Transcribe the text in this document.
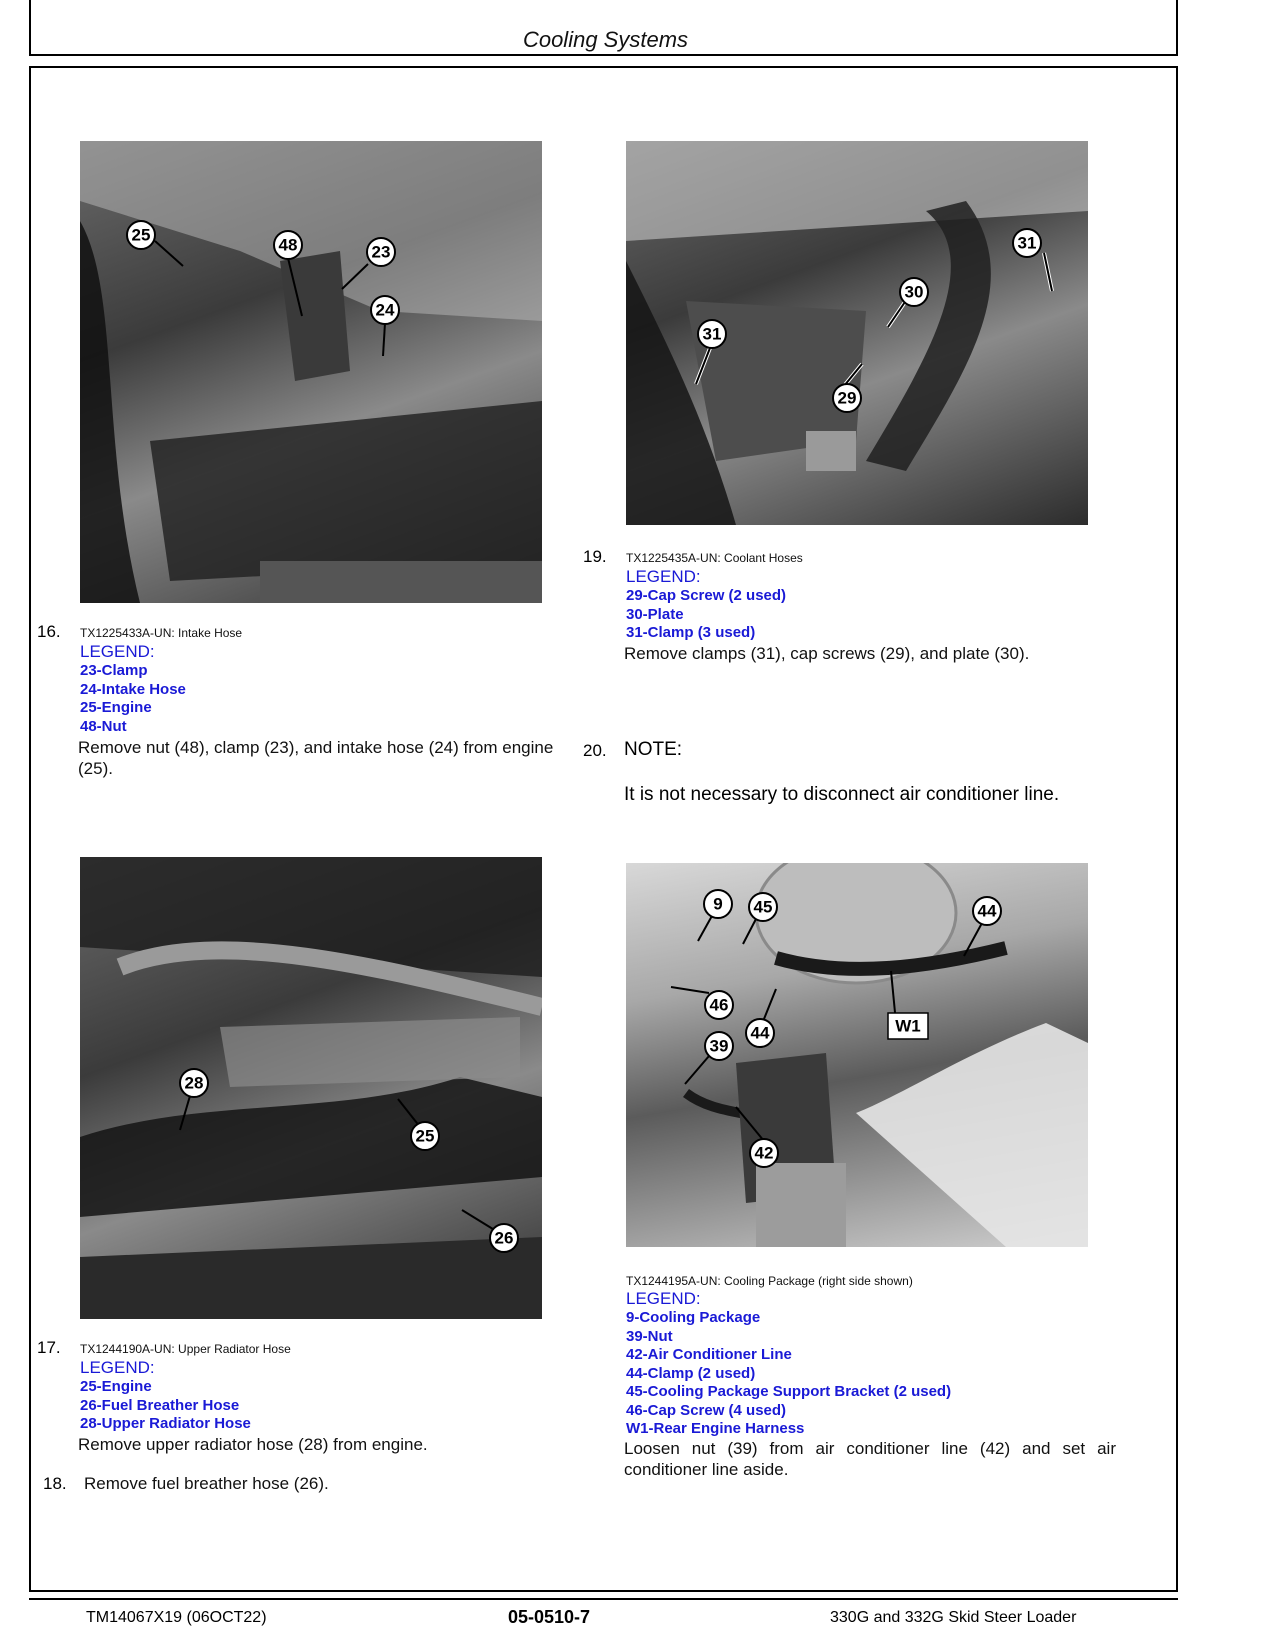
Cooling Systems
25
48	23
24
16. TX1225433A-UN: Intake Hose
LEGEND:
23-Clamp
24-Intake Hose
25-Engine
48-Nut
Remove nut (48), clamp (23), and intake hose (24) from engine (25).
31
30
31
29
19. TX1225435A-UN: Coolant Hoses
LEGEND:
29-Cap Screw (2 used)
30-Plate
31-Clamp (3 used)
Remove clamps (31), cap screws (29), and plate (30).
20. NOTE:
It is not necessary to disconnect air conditioner line.
28
25
26
17. TX1244190A-UN: Upper Radiator Hose
LEGEND:
25-Engine
26-Fuel Breather Hose
28-Upper Radiator Hose
Remove upper radiator hose (28) from engine.
18. Remove fuel breather hose (26).
W1
9 45	44
46
44
39
42
TX1244195A-UN: Cooling Package (right side shown)
LEGEND:
9-Cooling Package
39-Nut
42-Air Conditioner Line
44-Clamp (2 used)
45-Cooling Package Support Bracket (2 used)
46-Cap Screw (4 used)
W1-Rear Engine Harness
Loosen nut (39) from air conditioner line (42) and set air conditioner line aside.
TM14067X19 (06OCT22)	05-0510-7	330G and 332G Skid Steer Loader
